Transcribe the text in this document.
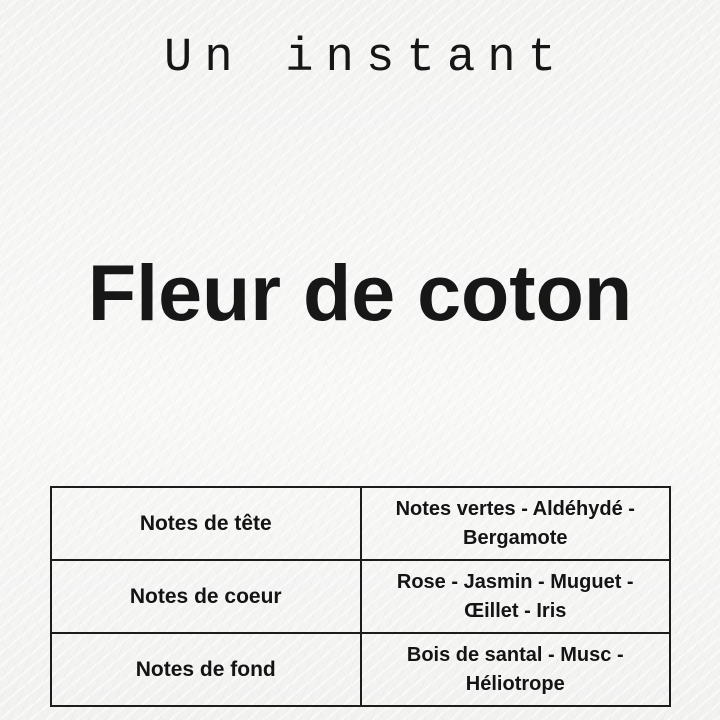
Un instant
Fleur de coton
Notes de tête	Notes vertes - Aldéhydé - Bergamote
Notes de coeur	Rose - Jasmin - Muguet - Œillet - Iris
Notes de fond	Bois de santal - Musc - Héliotrope
